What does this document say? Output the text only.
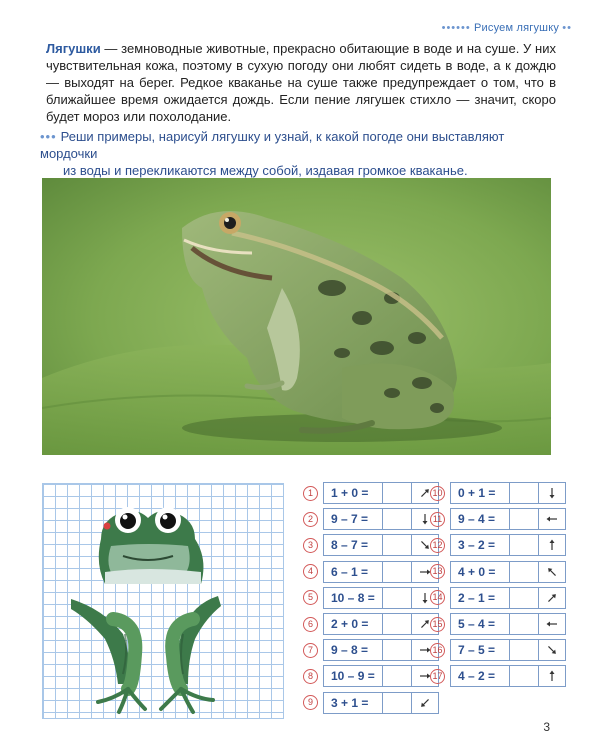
•••••• Рисуем лягушку ••
Лягушки — земноводные животные, прекрасно обитающие в воде и на суше. У них чувствительная кожа, поэтому в сухую погоду они любят сидеть в воде, а к дождю — выходят на берег. Редкое кваканье на суше также предупреждает о том, что в ближайшее время ожидается дождь. Если пение лягушек стихло — значит, скоро будет мороз или похолодание.
••• Реши примеры, нарисуй лягушку и узнай, к какой погоде они выставляют мордочки
из воды и перекликаются между собой, издавая громкое кваканье.
1	1 + 0 =
2	9 – 7 =
3	8 – 7 =
4	6 – 1 =
5	10 – 8 =
6	2 + 0 =
7	9 – 8 =
8	10 – 9 =
9	3 + 1 =
10	0 + 1 =
11	9 – 4 =
12	3 – 2 =
13	4 + 0 =
14	2 – 1 =
15	5 – 4 =
16	7 – 5 =
17	4 – 2 =
3
